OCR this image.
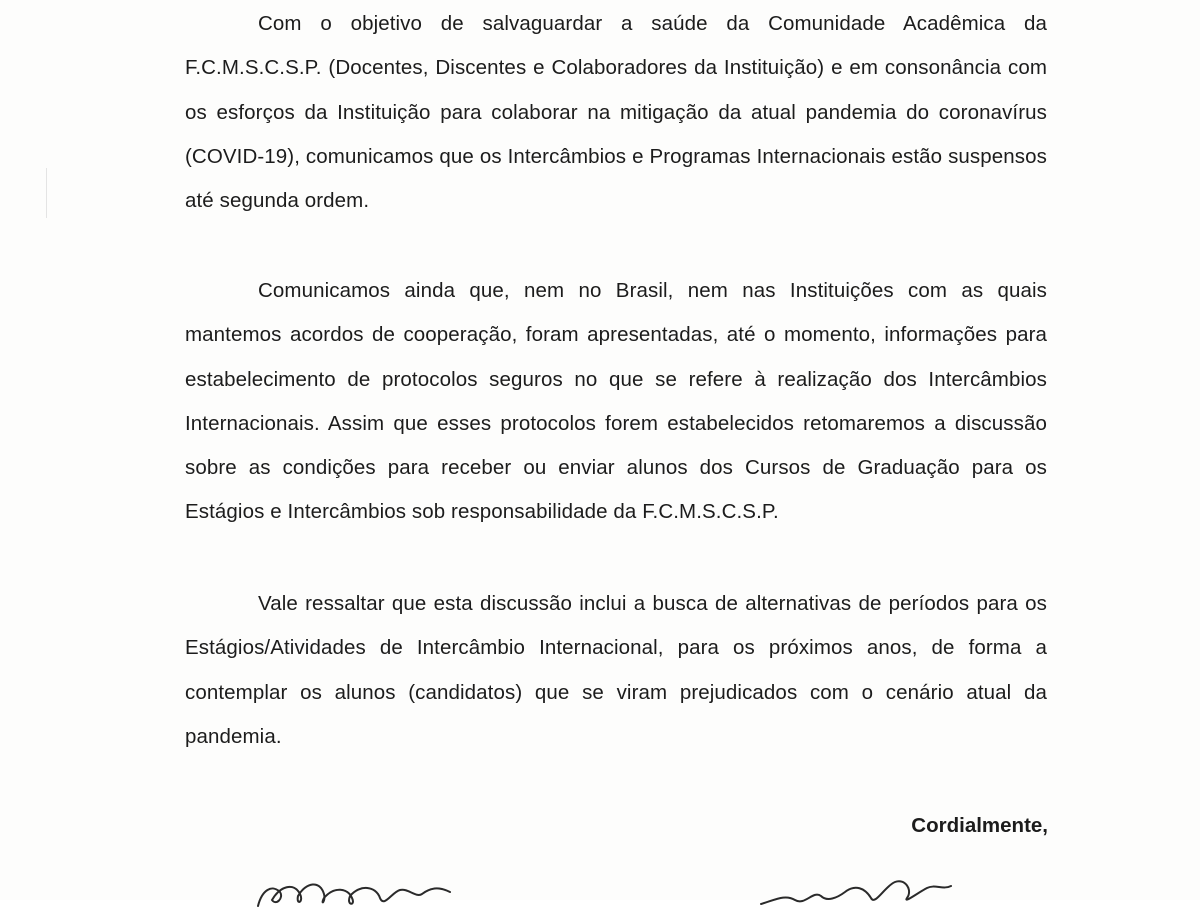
Com o objetivo de salvaguardar a saúde da Comunidade Acadêmica da F.C.M.S.C.S.P. (Docentes, Discentes e Colaboradores da Instituição) e em consonância com os esforços da Instituição para colaborar na mitigação da atual pandemia do coronavírus (COVID-19), comunicamos que os Intercâmbios e Programas Internacionais estão suspensos até segunda ordem.

Comunicamos ainda que, nem no Brasil, nem nas Instituições com as quais mantemos acordos de cooperação, foram apresentadas, até o momento, informações para estabelecimento de protocolos seguros no que se refere à realização dos Intercâmbios Internacionais. Assim que esses protocolos forem estabelecidos retomaremos a discussão sobre as condições para receber ou enviar alunos dos Cursos de Graduação para os Estágios e Intercâmbios sob responsabilidade da F.C.M.S.C.S.P.

Vale ressaltar que esta discussão inclui a busca de alternativas de períodos para os Estágios/Atividades de Intercâmbio Internacional, para os próximos anos, de forma a contemplar os alunos (candidatos) que se viram prejudicados com o cenário atual da pandemia.

Cordialmente,
